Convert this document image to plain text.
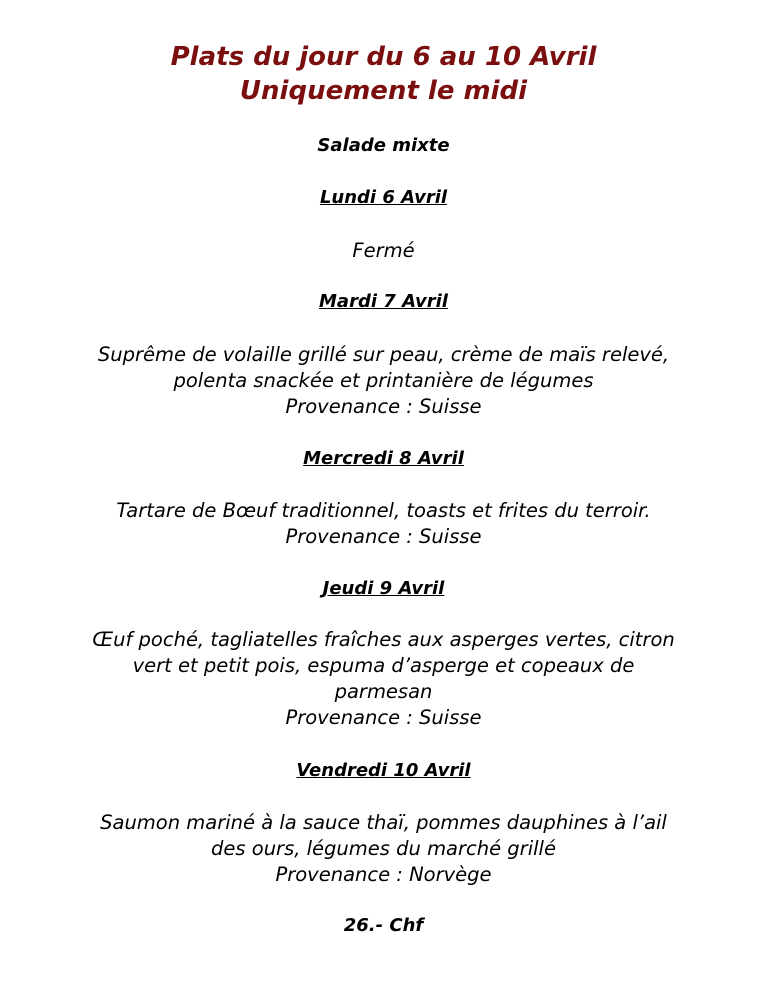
Plats du jour du 6 au 10 Avril
Uniquement le midi
Salade mixte
Lundi 6 Avril
Fermé
Mardi 7 Avril
Suprême de volaille grillé sur peau, crème de maïs relevé,
polenta snackée et printanière de légumes
Provenance : Suisse
Mercredi 8 Avril
Tartare de Bœuf traditionnel, toasts et frites du terroir.
Provenance : Suisse
Jeudi 9 Avril
Œuf poché, tagliatelles fraîches aux asperges vertes, citron
vert et petit pois, espuma d’asperge et copeaux de
parmesan
Provenance : Suisse
Vendredi 10 Avril
Saumon mariné à la sauce thaï, pommes dauphines à l’ail
des ours, légumes du marché grillé
Provenance : Norvège
26.- Chf
